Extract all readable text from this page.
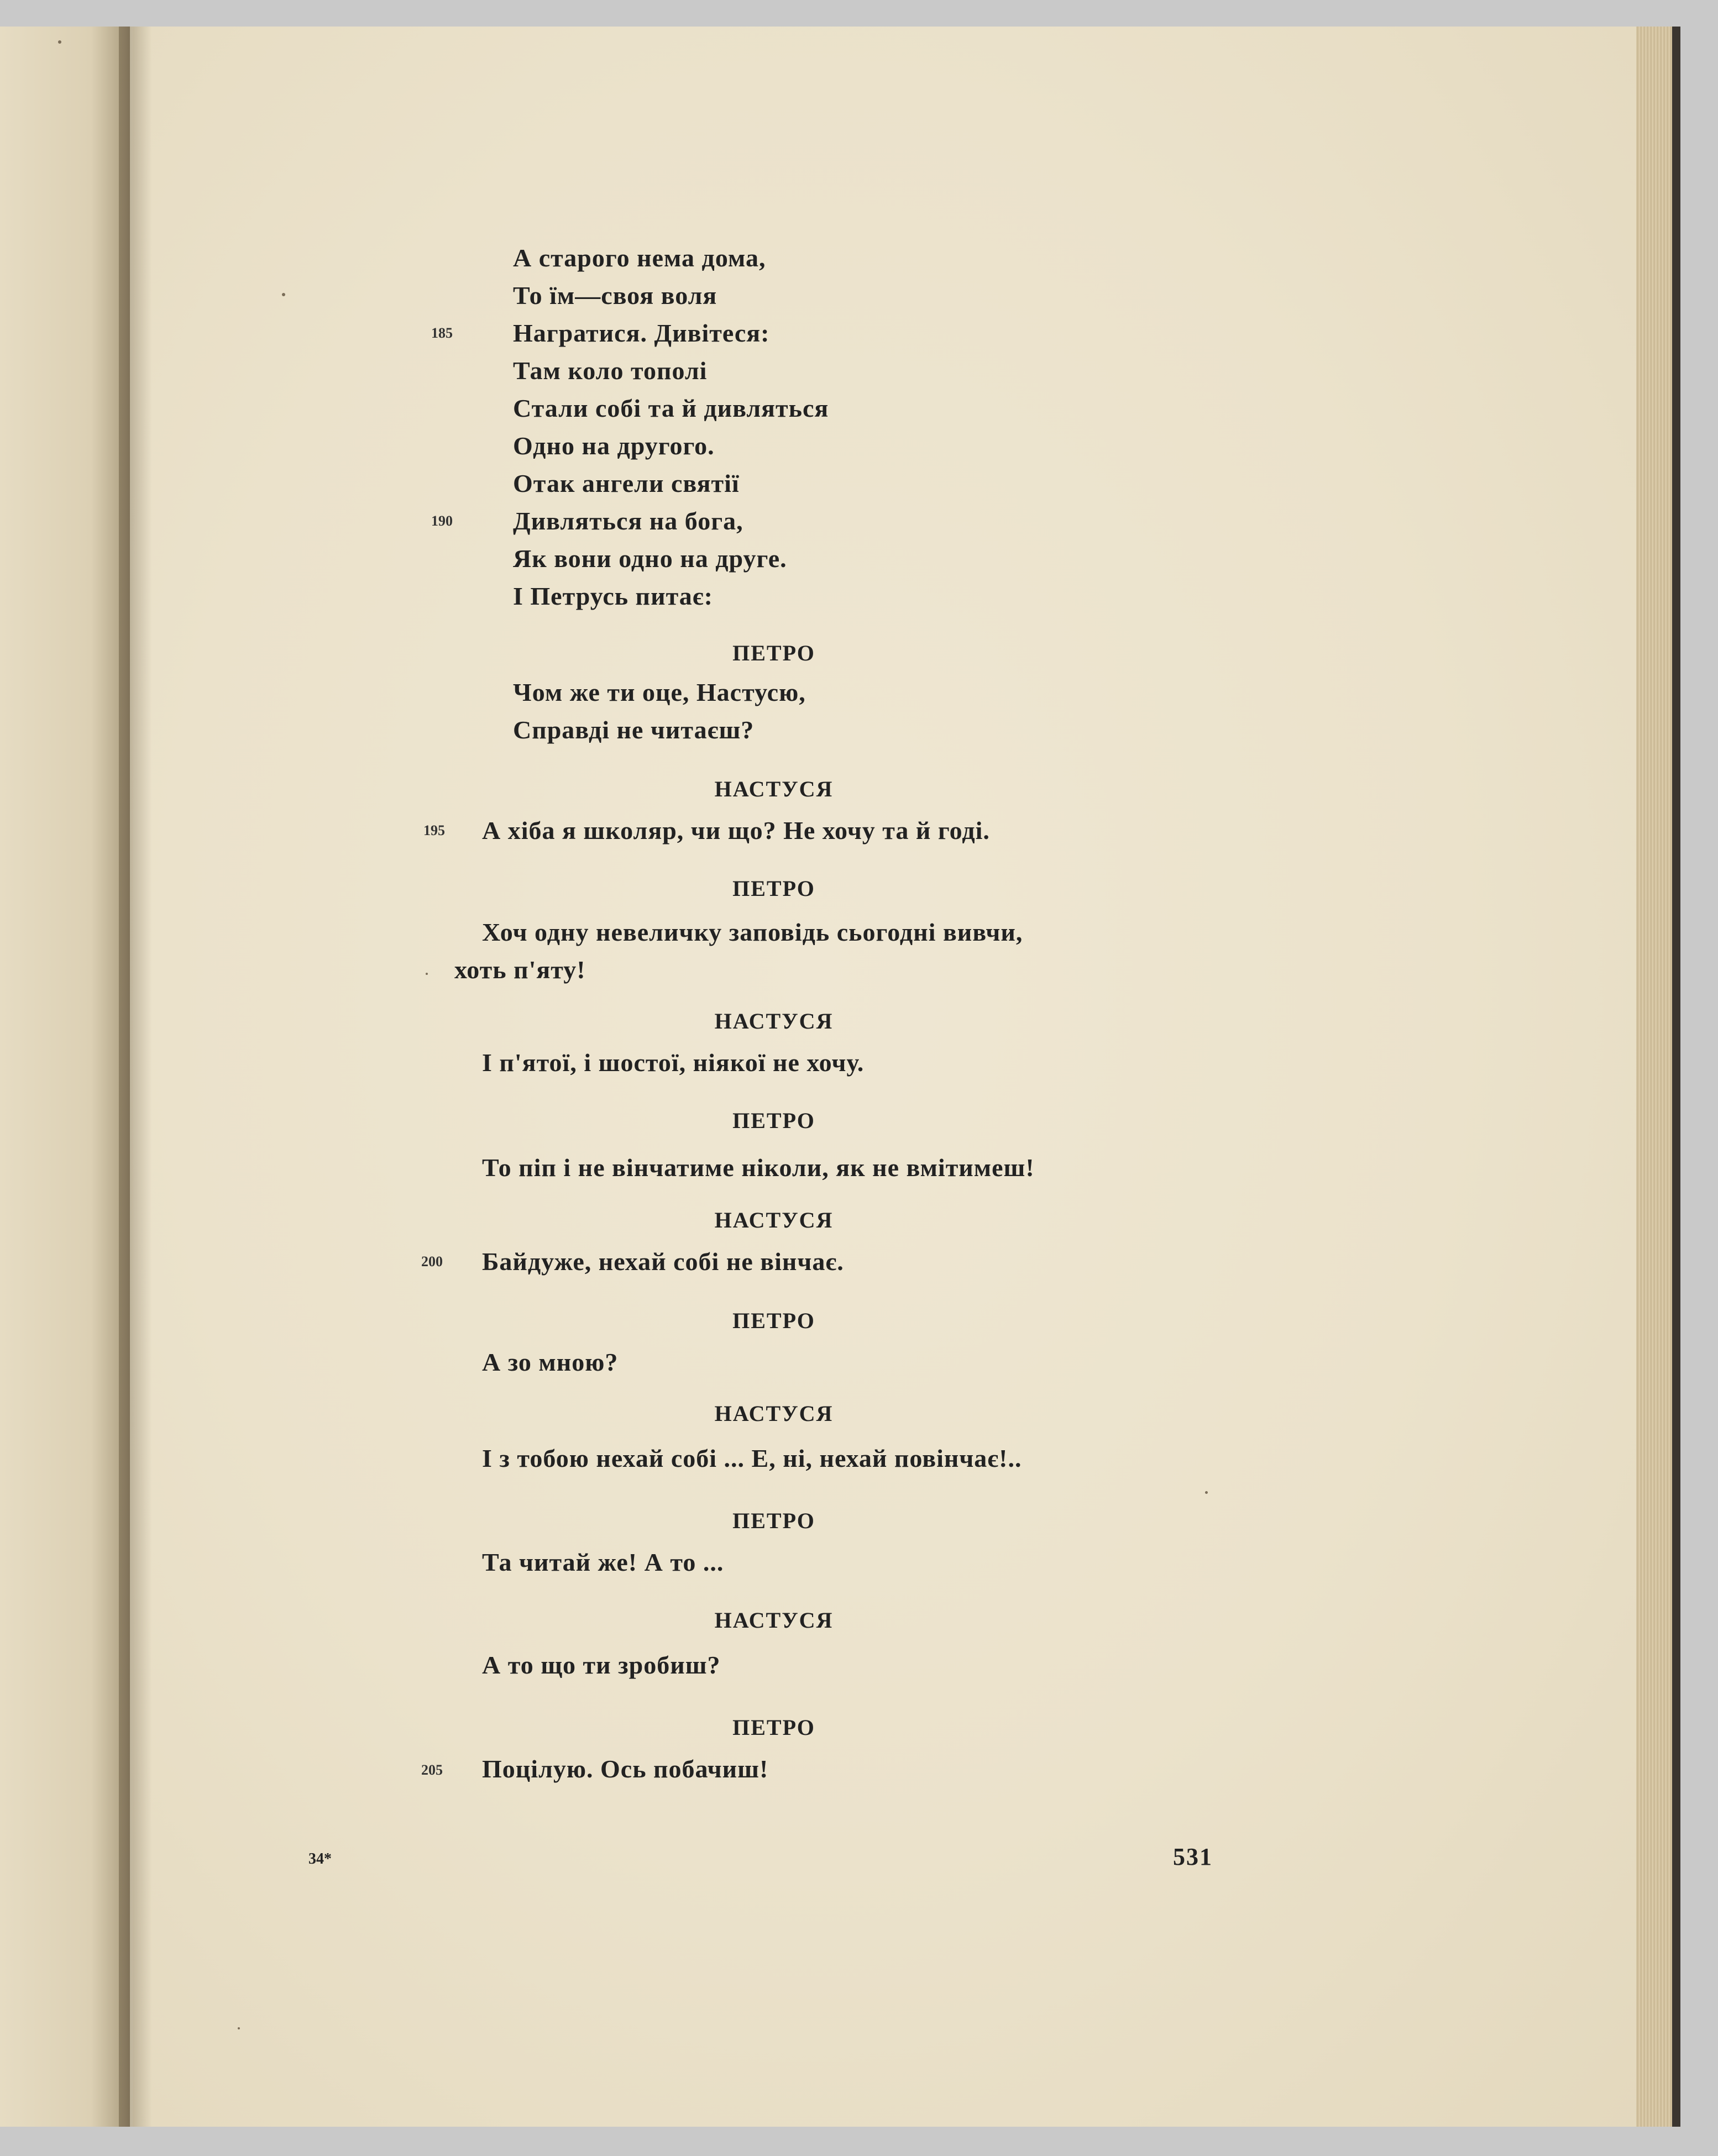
А старого нема дома,
То їм—своя воля
185 Награтися. Дивітеся:
Там коло тополі
Стали собі та й дивляться
Одно на другого.
Отак ангели святії
190 Дивляться на бога,
Як вони одно на друге.
І Петрусь питає:
ПЕТРО
Чом же ти оце, Настусю,
Справді не читаєш?
НАСТУСЯ
195 А хіба я школяр, чи що? Не хочу та й годі.
ПЕТРО
Хоч одну невеличку заповідь сьогодні вивчи,
хоть п'яту!
НАСТУСЯ
І п'ятої, і шостої, ніякої не хочу.
ПЕТРО
То піп і не вінчатиме ніколи, як не вмітимеш!
НАСТУСЯ
200 Байдуже, нехай собі не вінчає.
ПЕТРО
А зо мною?
НАСТУСЯ
І з тобою нехай собі ... Е, ні, нехай повінчає!..
ПЕТРО
Та читай же! А то ...
НАСТУСЯ
А то що ти зробиш?
ПЕТРО
205 Поцілую. Ось побачиш!
34*	531
